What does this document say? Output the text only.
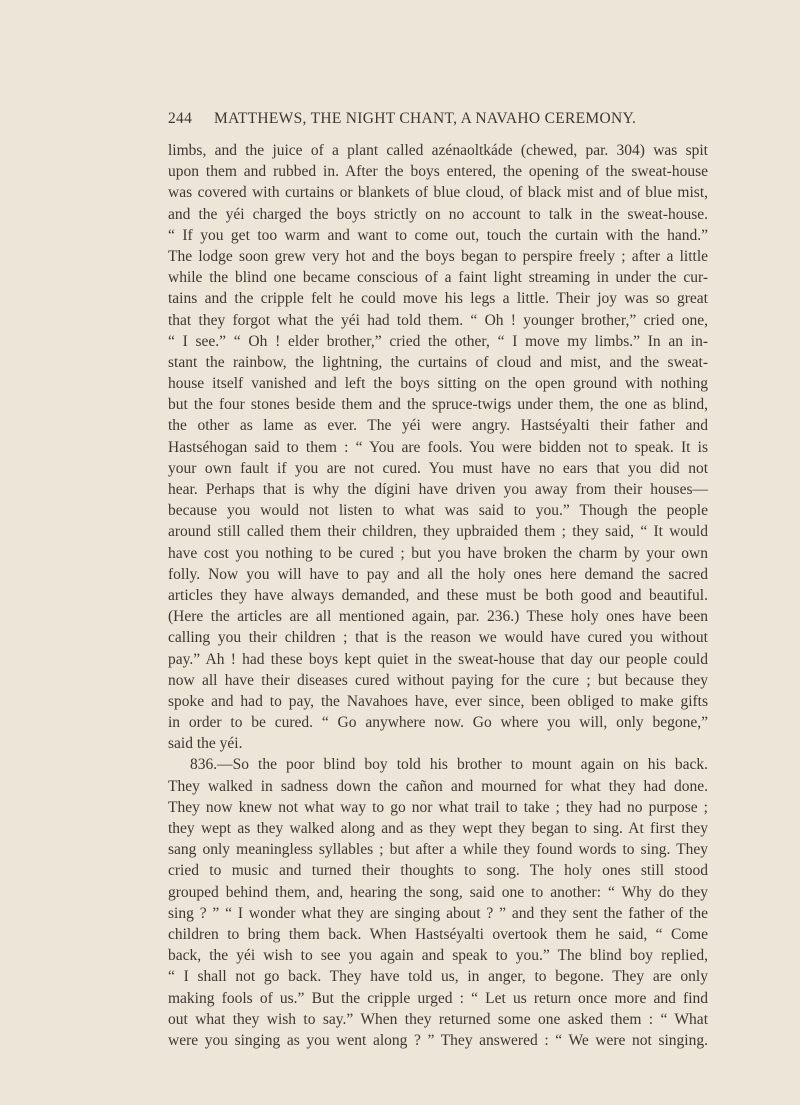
244 MATTHEWS, THE NIGHT CHANT, A NAVAHO CEREMONY.
limbs, and the juice of a plant called azénaoltkáde (chewed, par. 304) was spit
upon them and rubbed in. After the boys entered, the opening of the sweat-house
was covered with curtains or blankets of blue cloud, of black mist and of blue mist,
and the yéi charged the boys strictly on no account to talk in the sweat-house.
“ If you get too warm and want to come out, touch the curtain with the hand.”
The lodge soon grew very hot and the boys began to perspire freely ; after a little
while the blind one became conscious of a faint light streaming in under the cur-
tains and the cripple felt he could move his legs a little. Their joy was so great
that they forgot what the yéi had told them. “ Oh ! younger brother,” cried one,
“ I see.” “ Oh ! elder brother,” cried the other, “ I move my limbs.” In an in-
stant the rainbow, the lightning, the curtains of cloud and mist, and the sweat-
house itself vanished and left the boys sitting on the open ground with nothing
but the four stones beside them and the spruce-twigs under them, the one as blind,
the other as lame as ever. The yéi were angry. Hastséyalti their father and
Hastséhogan said to them : “ You are fools. You were bidden not to speak. It is
your own fault if you are not cured. You must have no ears that you did not
hear. Perhaps that is why the dígini have driven you away from their houses—
because you would not listen to what was said to you.” Though the people
around still called them their children, they upbraided them ; they said, “ It would
have cost you nothing to be cured ; but you have broken the charm by your own
folly. Now you will have to pay and all the holy ones here demand the sacred
articles they have always demanded, and these must be both good and beautiful.
(Here the articles are all mentioned again, par. 236.) These holy ones have been
calling you their children ; that is the reason we would have cured you without
pay.” Ah ! had these boys kept quiet in the sweat-house that day our people could
now all have their diseases cured without paying for the cure ; but because they
spoke and had to pay, the Navahoes have, ever since, been obliged to make gifts
in order to be cured. “ Go anywhere now. Go where you will, only begone,”
said the yéi.
836.—So the poor blind boy told his brother to mount again on his back.
They walked in sadness down the cañon and mourned for what they had done.
They now knew not what way to go nor what trail to take ; they had no purpose ;
they wept as they walked along and as they wept they began to sing. At first they
sang only meaningless syllables ; but after a while they found words to sing. They
cried to music and turned their thoughts to song. The holy ones still stood
grouped behind them, and, hearing the song, said one to another: “ Why do they
sing ? ” “ I wonder what they are singing about ? ” and they sent the father of the
children to bring them back. When Hastséyalti overtook them he said, “ Come
back, the yéi wish to see you again and speak to you.” The blind boy replied,
“ I shall not go back. They have told us, in anger, to begone. They are only
making fools of us.” But the cripple urged : “ Let us return once more and find
out what they wish to say.” When they returned some one asked them : “ What
were you singing as you went along ? ” They answered : “ We were not singing.
